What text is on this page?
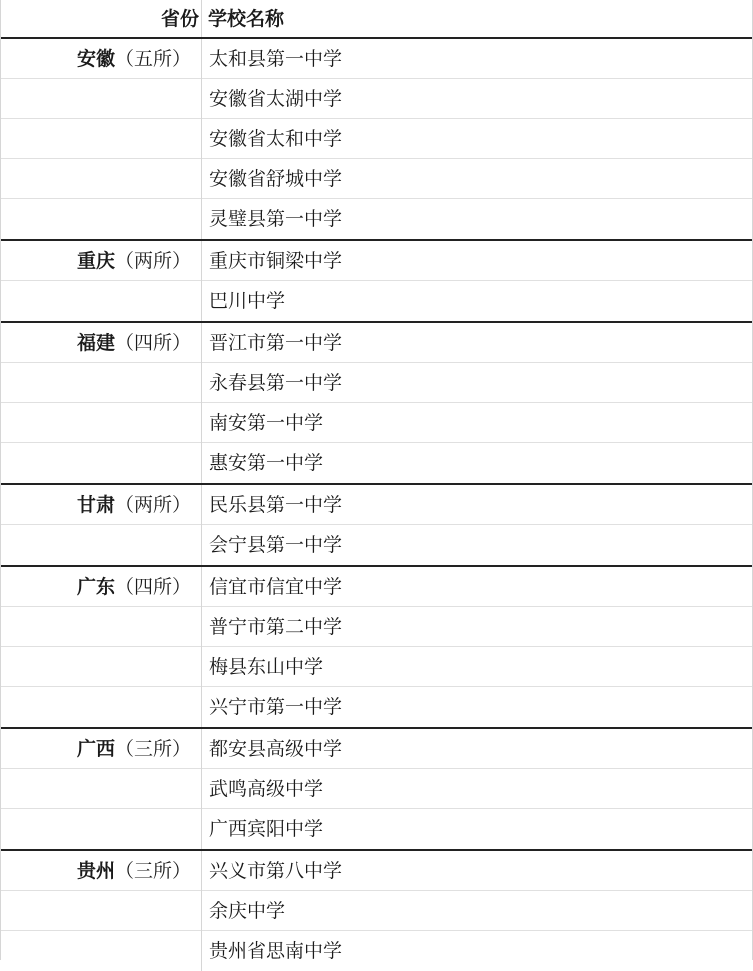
省份 学校名称
安徽（五所） 太和县第一中学
安徽省太湖中学
安徽省太和中学
安徽省舒城中学
灵璧县第一中学
重庆（两所） 重庆市铜梁中学
巴川中学
福建（四所） 晋江市第一中学
永春县第一中学
南安第一中学
惠安第一中学
甘肃（两所） 民乐县第一中学
会宁县第一中学
广东（四所） 信宜市信宜中学
普宁市第二中学
梅县东山中学
兴宁市第一中学
广西（三所） 都安县高级中学
武鸣高级中学
广西宾阳中学
贵州（三所） 兴义市第八中学
余庆中学
贵州省思南中学
